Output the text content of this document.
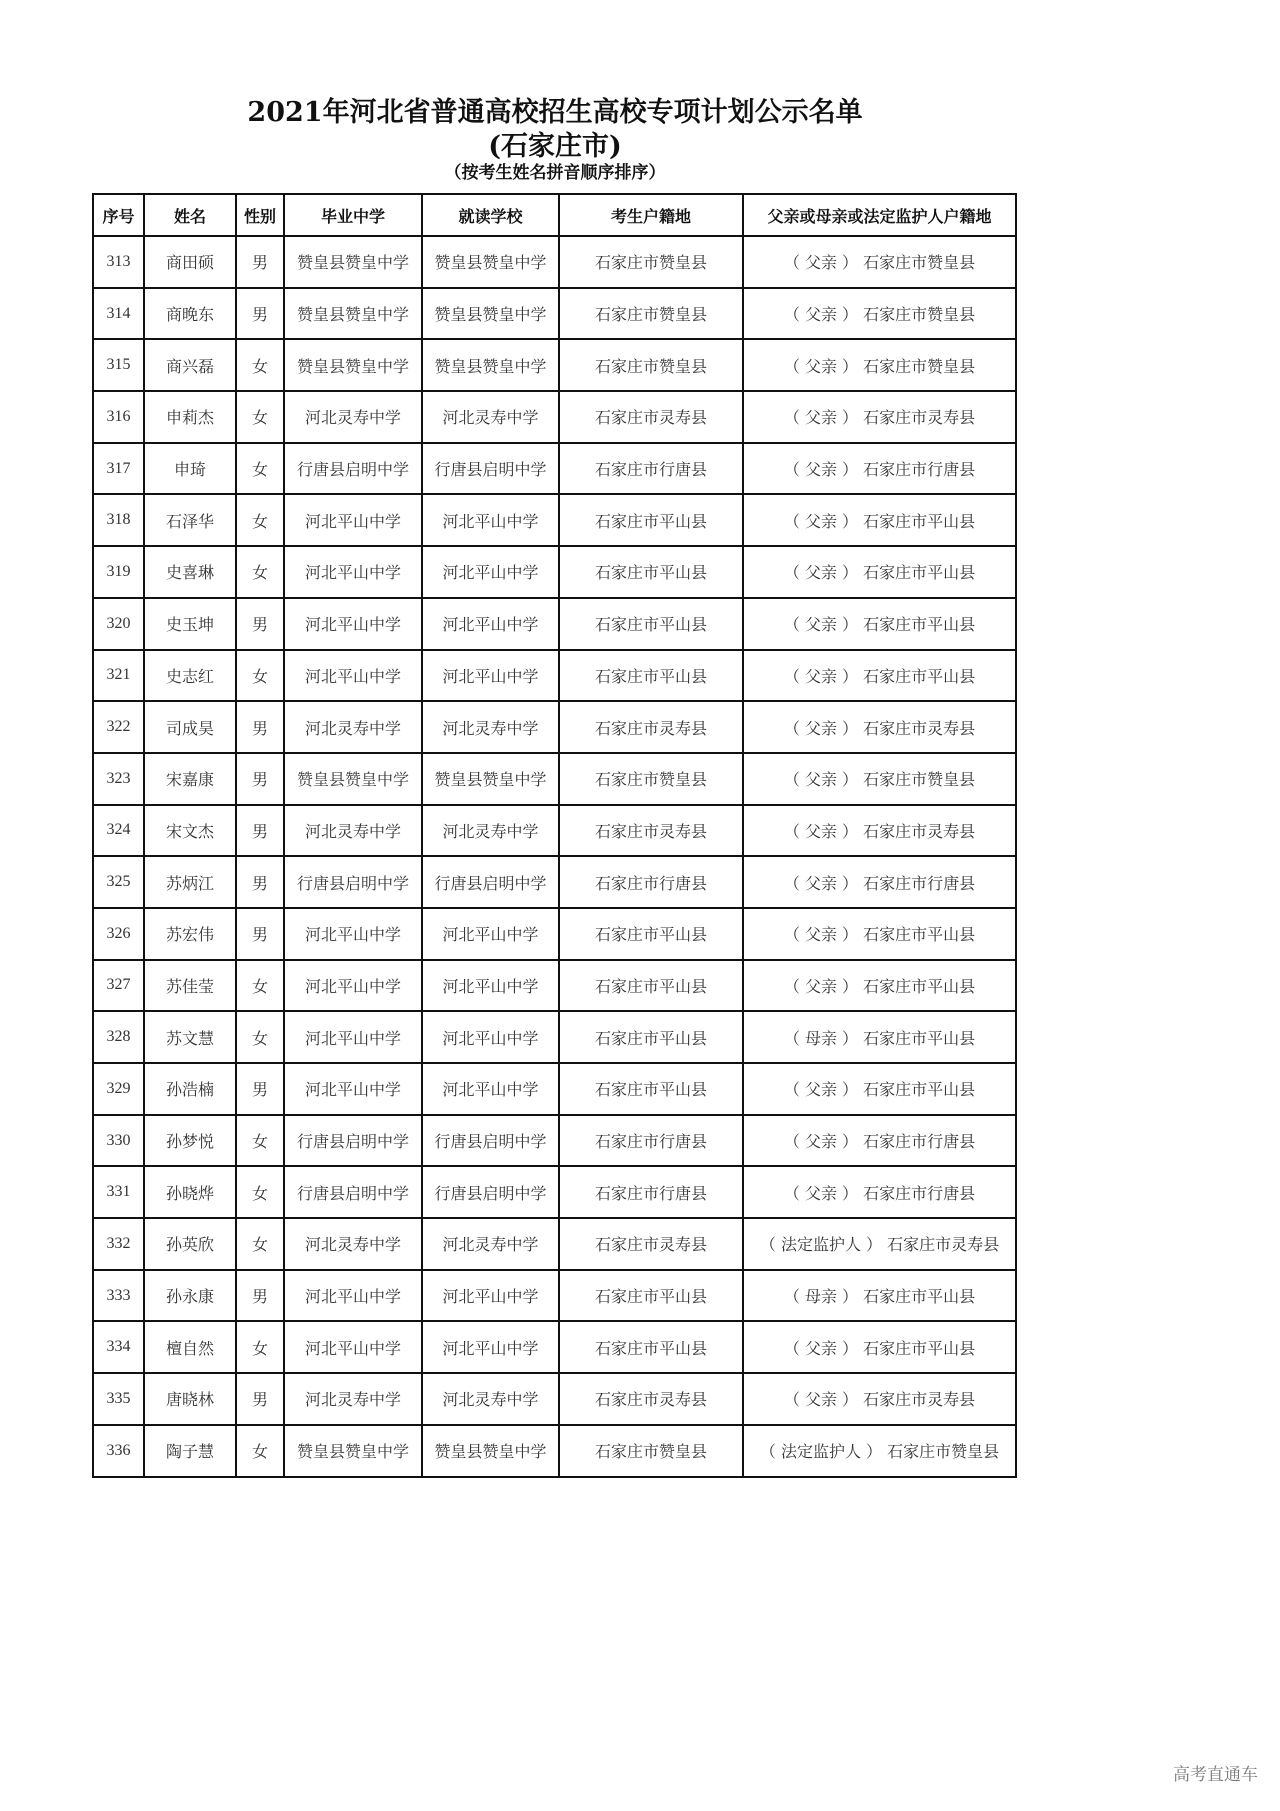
2021年河北省普通高校招生高校专项计划公示名单
(石家庄市)
（按考生姓名拼音顺序排序）
序号	姓名	性别	毕业中学	就读学校	考生户籍地	父亲或母亲或法定监护人户籍地
313	商田硕	男	赞皇县赞皇中学	赞皇县赞皇中学	石家庄市赞皇县	（ 父亲 ） 石家庄市赞皇县
314	商晚东	男	赞皇县赞皇中学	赞皇县赞皇中学	石家庄市赞皇县	（ 父亲 ） 石家庄市赞皇县
315	商兴磊	女	赞皇县赞皇中学	赞皇县赞皇中学	石家庄市赞皇县	（ 父亲 ） 石家庄市赞皇县
316	申莉杰	女	河北灵寿中学	河北灵寿中学	石家庄市灵寿县	（ 父亲 ） 石家庄市灵寿县
317	申琦	女	行唐县启明中学	行唐县启明中学	石家庄市行唐县	（ 父亲 ） 石家庄市行唐县
318	石泽华	女	河北平山中学	河北平山中学	石家庄市平山县	（ 父亲 ） 石家庄市平山县
319	史喜琳	女	河北平山中学	河北平山中学	石家庄市平山县	（ 父亲 ） 石家庄市平山县
320	史玉坤	男	河北平山中学	河北平山中学	石家庄市平山县	（ 父亲 ） 石家庄市平山县
321	史志红	女	河北平山中学	河北平山中学	石家庄市平山县	（ 父亲 ） 石家庄市平山县
322	司成昊	男	河北灵寿中学	河北灵寿中学	石家庄市灵寿县	（ 父亲 ） 石家庄市灵寿县
323	宋嘉康	男	赞皇县赞皇中学	赞皇县赞皇中学	石家庄市赞皇县	（ 父亲 ） 石家庄市赞皇县
324	宋文杰	男	河北灵寿中学	河北灵寿中学	石家庄市灵寿县	（ 父亲 ） 石家庄市灵寿县
325	苏炳江	男	行唐县启明中学	行唐县启明中学	石家庄市行唐县	（ 父亲 ） 石家庄市行唐县
326	苏宏伟	男	河北平山中学	河北平山中学	石家庄市平山县	（ 父亲 ） 石家庄市平山县
327	苏佳莹	女	河北平山中学	河北平山中学	石家庄市平山县	（ 父亲 ） 石家庄市平山县
328	苏文慧	女	河北平山中学	河北平山中学	石家庄市平山县	（ 母亲 ） 石家庄市平山县
329	孙浩楠	男	河北平山中学	河北平山中学	石家庄市平山县	（ 父亲 ） 石家庄市平山县
330	孙梦悦	女	行唐县启明中学	行唐县启明中学	石家庄市行唐县	（ 父亲 ） 石家庄市行唐县
331	孙晓烨	女	行唐县启明中学	行唐县启明中学	石家庄市行唐县	（ 父亲 ） 石家庄市行唐县
332	孙英欣	女	河北灵寿中学	河北灵寿中学	石家庄市灵寿县	（ 法定监护人 ） 石家庄市灵寿县
333	孙永康	男	河北平山中学	河北平山中学	石家庄市平山县	（ 母亲 ） 石家庄市平山县
334	檀自然	女	河北平山中学	河北平山中学	石家庄市平山县	（ 父亲 ） 石家庄市平山县
335	唐晓林	男	河北灵寿中学	河北灵寿中学	石家庄市灵寿县	（ 父亲 ） 石家庄市灵寿县
336	陶子慧	女	赞皇县赞皇中学	赞皇县赞皇中学	石家庄市赞皇县	（ 法定监护人 ） 石家庄市赞皇县
高考直通车
